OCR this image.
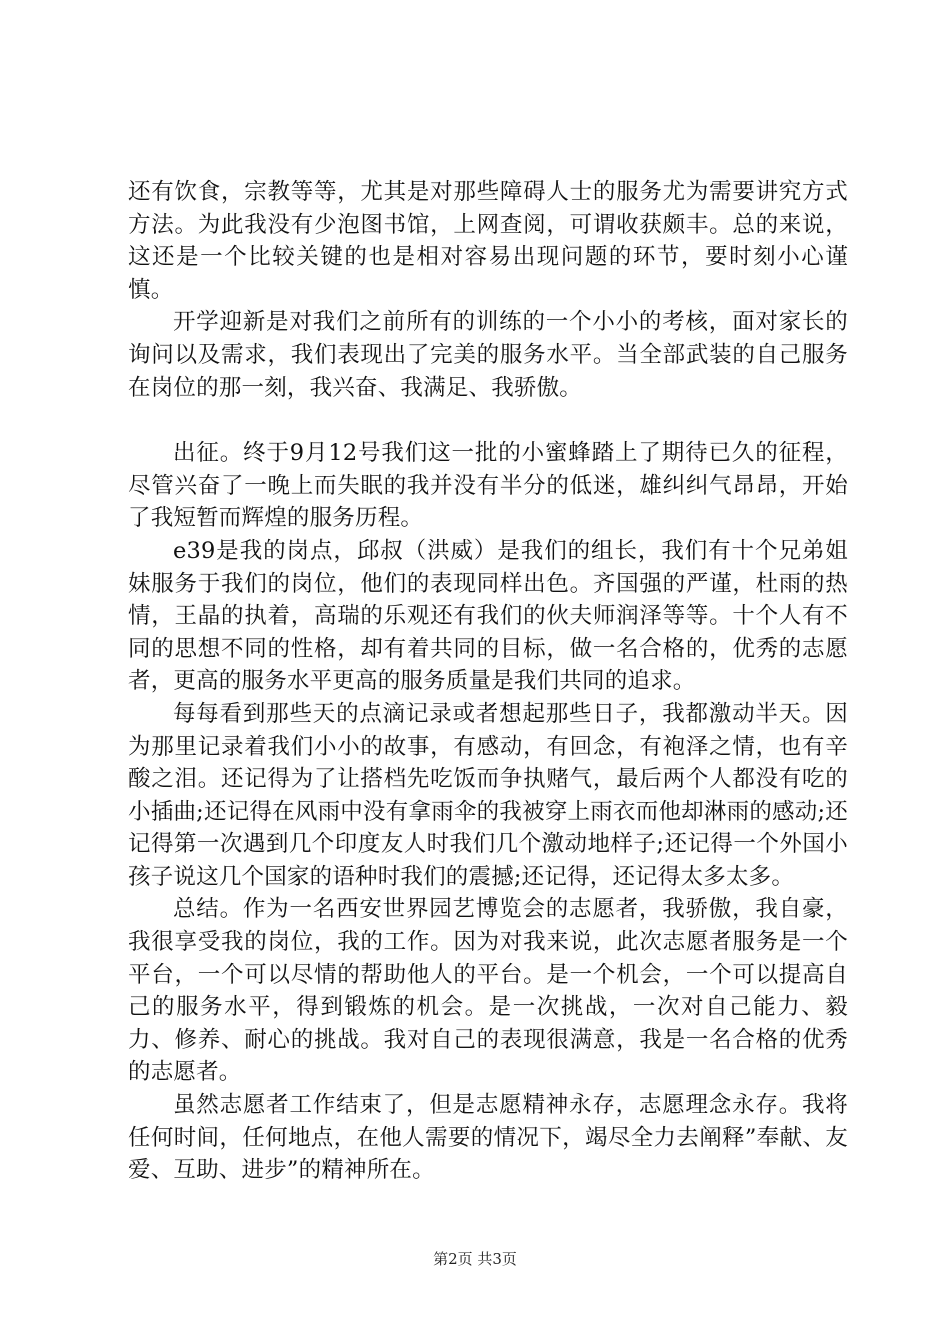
还有饮食，宗教等等，尤其是对那些障碍人士的服务尤为需要讲究方式方法。为此我没有少泡图书馆，上网查阅，可谓收获颇丰。总的来说，这还是一个比较关键的也是相对容易出现问题的环节，要时刻小心谨慎。

开学迎新是对我们之前所有的训练的一个小小的考核，面对家长的询问以及需求，我们表现出了完美的服务水平。当全部武装的自己服务在岗位的那一刻，我兴奋、我满足、我骄傲。

出征。终于9月12号我们这一批的小蜜蜂踏上了期待已久的征程，尽管兴奋了一晚上而失眠的我并没有半分的低迷，雄纠纠气昂昂，开始了我短暂而辉煌的服务历程。

e39是我的岗点，邱叔（洪威）是我们的组长，我们有十个兄弟姐妹服务于我们的岗位，他们的表现同样出色。齐国强的严谨，杜雨的热情，王晶的执着，高瑞的乐观还有我们的伙夫师润泽等等。十个人有不同的思想不同的性格，却有着共同的目标，做一名合格的，优秀的志愿者，更高的服务水平更高的服务质量是我们共同的追求。

每每看到那些天的点滴记录或者想起那些日子，我都激动半天。因为那里记录着我们小小的故事，有感动，有回念，有袍泽之情，也有辛酸之泪。还记得为了让搭档先吃饭而争执赌气，最后两个人都没有吃的小插曲;还记得在风雨中没有拿雨伞的我被穿上雨衣而他却淋雨的感动;还记得第一次遇到几个印度友人时我们几个激动地样子;还记得一个外国小孩子说这几个国家的语种时我们的震撼;还记得，还记得太多太多。

总结。作为一名西安世界园艺博览会的志愿者，我骄傲，我自豪，我很享受我的岗位，我的工作。因为对我来说，此次志愿者服务是一个平台，一个可以尽情的帮助他人的平台。是一个机会，一个可以提高自己的服务水平，得到锻炼的机会。是一次挑战，一次对自己能力、毅力、修养、耐心的挑战。我对自己的表现很满意，我是一名合格的优秀的志愿者。

虽然志愿者工作结束了，但是志愿精神永存，志愿理念永存。我将任何时间，任何地点，在他人需要的情况下，竭尽全力去阐释”奉献、友爱、互助、进步”的精神所在。

第2页 共3页
